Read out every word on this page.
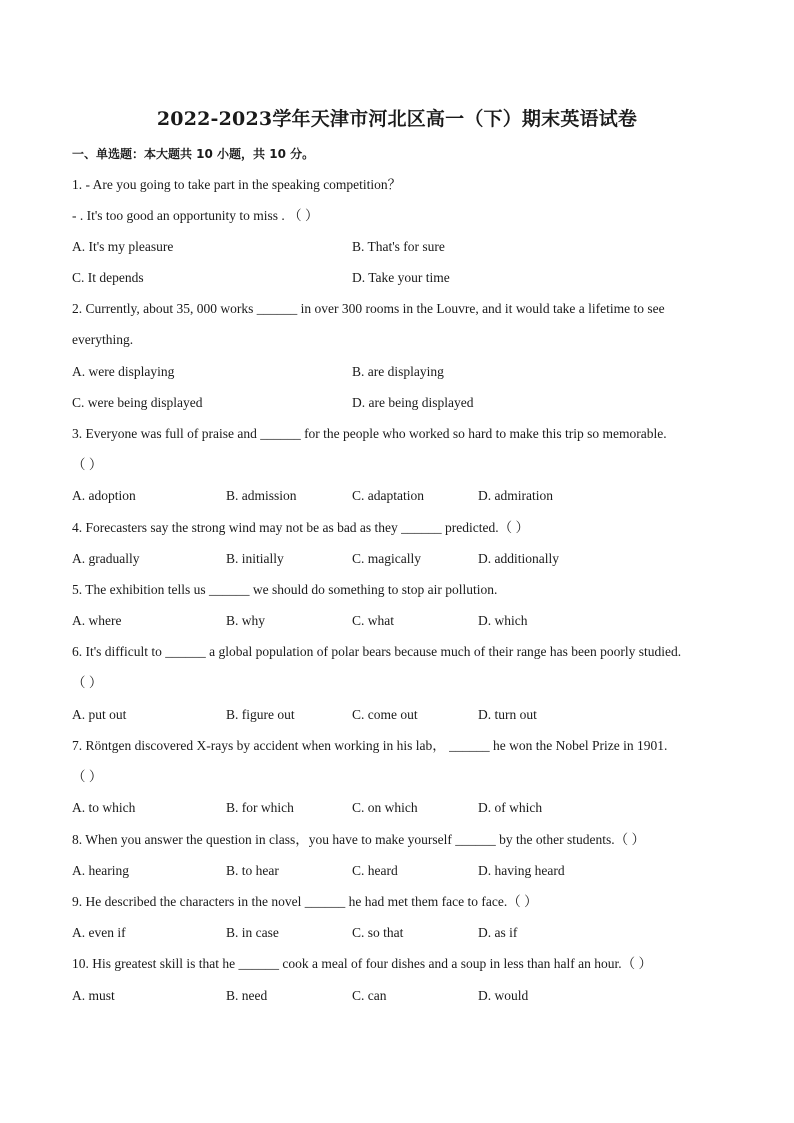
2022-2023学年天津市河北区高一（下）期末英语试卷
一、单选题：本大题共 10 小题，共 10 分。
1. - Are you going to take part in the speaking competition？
- . It's too good an opportunity to miss . （ ）
A. It's my pleasure	B. That's for sure
C. It depends	D. Take your time
2. Currently, about 35, 000 works ______ in over 300 rooms in the Louvre, and it would take a lifetime to see
everything.
A. were displaying	B. are displaying
C. were being displayed	D. are being displayed
3. Everyone was full of praise and ______ for the people who worked so hard to make this trip so memorable.
（ ）
A. adoption	B. admission	C. adaptation	D. admiration
4. Forecasters say the strong wind may not be as bad as they ______ predicted.（ ）
A. gradually	B. initially	C. magically	D. additionally
5. The exhibition tells us ______ we should do something to stop air pollution.
A. where	B. why	C. what	D. which
6. It's difficult to ______ a global population of polar bears because much of their range has been poorly studied.
（ ）
A. put out	B. figure out	C. come out	D. turn out
7. Röntgen discovered X-rays by accident when working in his lab， ______ he won the Nobel Prize in 1901.
（ ）
A. to which	B. for which	C. on which	D. of which
8. When you answer the question in class，you have to make yourself ______ by the other students.（ ）
A. hearing	B. to hear	C. heard	D. having heard
9. He described the characters in the novel ______ he had met them face to face.（ ）
A. even if	B. in case	C. so that	D. as if
10. His greatest skill is that he ______ cook a meal of four dishes and a soup in less than half an hour.（ ）
A. must	B. need	C. can	D. would
